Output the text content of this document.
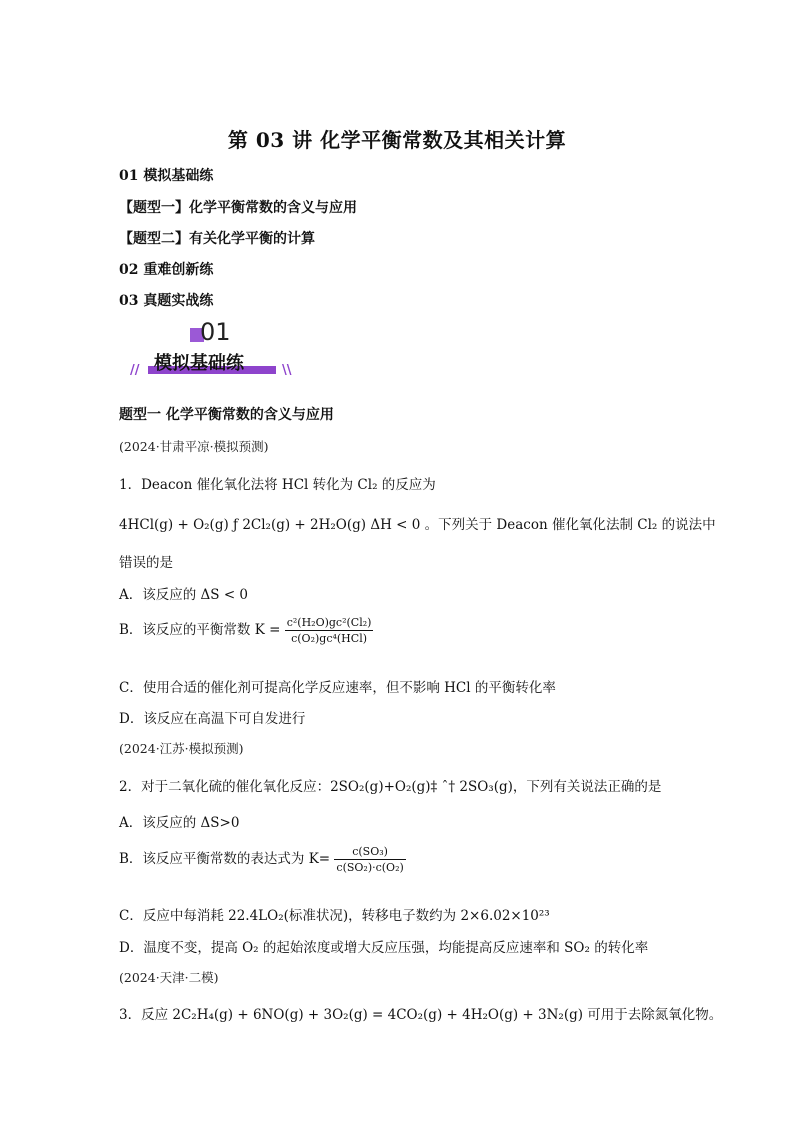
第 03 讲 化学平衡常数及其相关计算
01 模拟基础练
【题型一】化学平衡常数的含义与应用
【题型二】有关化学平衡的计算
02 重难创新练
03 真题实战练
01
模拟基础练
//	\\
题型一 化学平衡常数的含义与应用
(2024·甘肃平凉·模拟预测)
1．Deacon 催化氧化法将 HCl 转化为 Cl₂ 的反应为
4HCl(g) + O₂(g) ƒ 2Cl₂(g) + 2H₂O(g) ΔH < 0 。下列关于 Deacon 催化氧化法制 Cl₂ 的说法中
错误的是
A．该反应的 ΔS < 0
B．该反应的平衡常数 $K = \frac{\text{c²(H₂O)gc²(Cl₂)}}{\text{c(O₂)gc⁴(HCl)}}$
C．使用合适的催化剂可提高化学反应速率，但不影响 HCl 的平衡转化率
D．该反应在高温下可自发进行
(2024·江苏·模拟预测)
2．对于二氧化硫的催化氧化反应：2SO₂(g)+O₂(g)‡ ˆ† 2SO₃(g)，下列有关说法正确的是
A．该反应的 ΔS>0
B．该反应平衡常数的表达式为 $K= \frac{\text{c(SO₃)}}{\text{c(SO₂)·c(O₂)}}$
C．反应中每消耗 22.4LO₂(标准状况)，转移电子数约为 2×6.02×10²³
D．温度不变，提高 O₂ 的起始浓度或增大反应压强，均能提高反应速率和 SO₂ 的转化率
(2024·天津·二模)
3．反应 2C₂H₄(g) + 6NO(g) + 3O₂(g) = 4CO₂(g) + 4H₂O(g) + 3N₂(g) 可用于去除氮氧化物。
